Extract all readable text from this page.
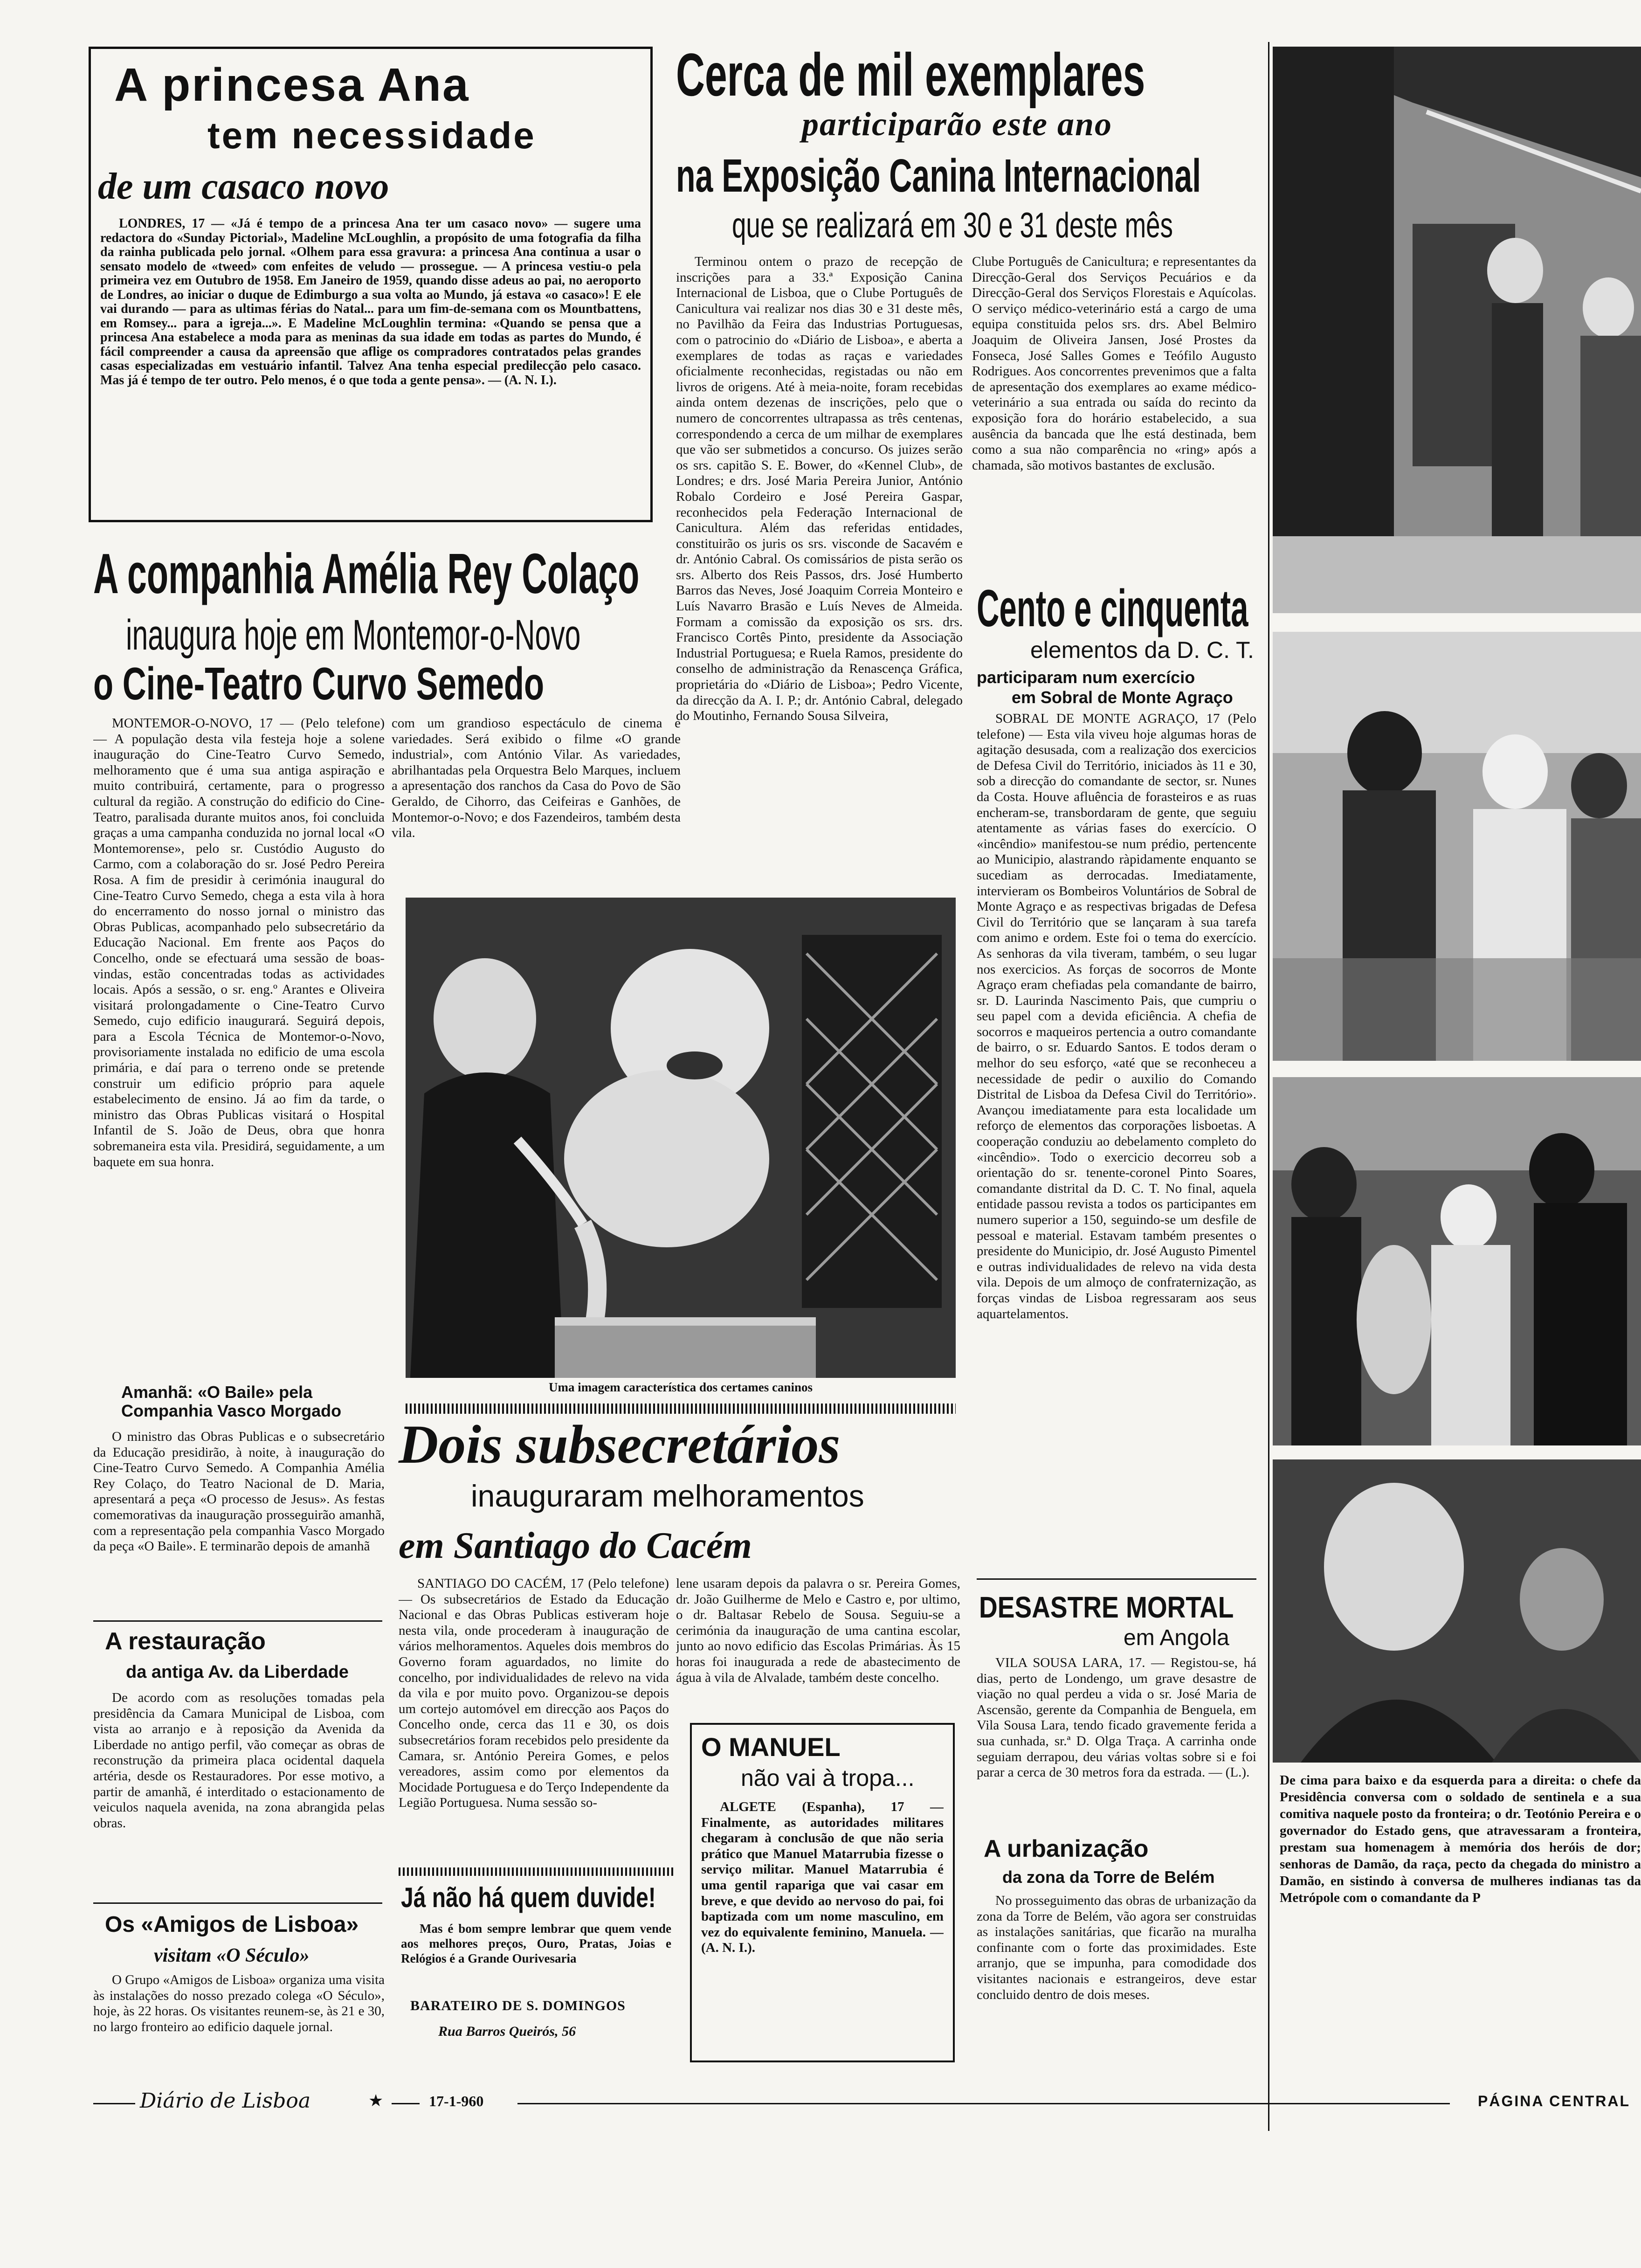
A princesa Ana
tem necessidade
de um casaco novo

LONDRES, 17 — «Já é tempo de a princesa Ana ter um casaco novo» — sugere uma redactora do «Sunday Pictorial», Madeline McLoughlin, a propósito de uma fotografia da filha da rainha publicada pelo jornal. «Olhem para essa gravura: a princesa Ana continua a usar o sensato modelo de «tweed» com enfeites de veludo — prossegue. — A princesa vestiu-o pela primeira vez em Outubro de 1958. Em Janeiro de 1959, quando disse adeus ao pai, no aeroporto de Londres, ao iniciar o duque de Edimburgo a sua volta ao Mundo, já estava «o casaco»! E ele vai durando — para as ultimas férias do Natal... para um fim-de-semana com os Mountbattens, em Romsey... para a igreja...». E Madeline McLoughlin termina: «Quando se pensa que a princesa Ana estabelece a moda para as meninas da sua idade em todas as partes do Mundo, é fácil compreender a causa da apreensão que aflige os compradores contratados pelas grandes casas especializadas em vestuário infantil. Talvez Ana tenha especial predilecção pelo casaco. Mas já é tempo de ter outro. Pelo menos, é o que toda a gente pensa». — (A. N. I.).

A companhia Amélia Rey Colaço
inaugura hoje em Montemor-o-Novo
o Cine-Teatro Curvo Semedo

MONTEMOR-O-NOVO, 17 — (Pelo telefone) — A população desta vila festeja hoje a solene inauguração do Cine-Teatro Curvo Semedo, melhoramento que é uma sua antiga aspiração e muito contribuirá, certamente, para o progresso cultural da região. A construção do edificio do Cine-Teatro, paralisada durante muitos anos, foi concluida graças a uma campanha conduzida no jornal local «O Montemorense», pelo sr. Custódio Augusto do Carmo, com a colaboração do sr. José Pedro Pereira Rosa. A fim de presidir à cerimónia inaugural do Cine-Teatro Curvo Semedo, chega a esta vila à hora do encerramento do nosso jornal o ministro das Obras Publicas, acompanhado pelo subsecretário da Educação Nacional. Em frente aos Paços do Concelho, onde se efectuará uma sessão de boas-vindas, estão concentradas todas as actividades locais. Após a sessão, o sr. eng.º Arantes e Oliveira visitará prolongadamente o Cine-Teatro Curvo Semedo, cujo edificio inaugurará. Seguirá depois, para a Escola Técnica de Montemor-o-Novo, provisoriamente instalada no edificio de uma escola primária, e daí para o terreno onde se pretende construir um edificio próprio para aquele estabelecimento de ensino. Já ao fim da tarde, o ministro das Obras Publicas visitará o Hospital Infantil de S. João de Deus, obra que honra sobremaneira esta vila. Presidirá, seguidamente, a um baquete em sua honra.

com um grandioso espectáculo de cinema e variedades. Será exibido o filme «O grande industrial», com António Vilar. As variedades, abrilhantadas pela Orquestra Belo Marques, incluem a apresentação dos ranchos da Casa do Povo de São Geraldo, de Cihorro, das Ceifeiras e Ganhões, de Montemor-o-Novo; e dos Fazendeiros, também desta vila.

Amanhã: «O Baile» pela
Companhia Vasco Morgado

O ministro das Obras Publicas e o subsecretário da Educação presidirão, à noite, à inauguração do Cine-Teatro Curvo Semedo. A Companhia Amélia Rey Colaço, do Teatro Nacional de D. Maria, apresentará a peça «O processo de Jesus». As festas comemorativas da inauguração prosseguirão amanhã, com a representação pela companhia Vasco Morgado da peça «O Baile». E terminarão depois de amanhã

A restauração
da antiga Av. da Liberdade

De acordo com as resoluções tomadas pela presidência da Camara Municipal de Lisboa, com vista ao arranjo e à reposição da Avenida da Liberdade no antigo perfil, vão começar as obras de reconstrução da primeira placa ocidental daquela artéria, desde os Restauradores. Por esse motivo, a partir de amanhã, é interditado o estacionamento de veiculos naquela avenida, na zona abrangida pelas obras.

Os «Amigos de Lisboa»
visitam «O Século»

O Grupo «Amigos de Lisboa» organiza uma visita às instalações do nosso prezado colega «O Século», hoje, às 22 horas. Os visitantes reunem-se, às 21 e 30, no largo fronteiro ao edificio daquele jornal.

Cerca de mil exemplares
participarão este ano
na Exposição Canina Internacional
que se realizará em 30 e 31 deste mês

Terminou ontem o prazo de recepção de inscrições para a 33.ª Exposição Canina Internacional de Lisboa, que o Clube Português de Canicultura vai realizar nos dias 30 e 31 deste mês, no Pavilhão da Feira das Industrias Portuguesas, com o patrocinio do «Diário de Lisboa», e aberta a exemplares de todas as raças e variedades oficialmente reconhecidas, registadas ou não em livros de origens. Até à meia-noite, foram recebidas ainda ontem dezenas de inscrições, pelo que o numero de concorrentes ultrapassa as três centenas, correspondendo a cerca de um milhar de exemplares que vão ser submetidos a concurso. Os juizes serão os srs. capitão S. E. Bower, do «Kennel Club», de Londres; e drs. José Maria Pereira Junior, António Robalo Cordeiro e José Pereira Gaspar, reconhecidos pela Federação Internacional de Canicultura. Além das referidas entidades, constituirão os juris os srs. visconde de Sacavém e dr. António Cabral. Os comissários de pista serão os srs. Alberto dos Reis Passos, drs. José Humberto Barros das Neves, José Joaquim Correia Monteiro e Luís Navarro Brasão e Luís Neves de Almeida. Formam a comissão da exposição os srs. drs. Francisco Cortês Pinto, presidente da Associação Industrial Portuguesa; e Ruela Ramos, presidente do conselho de administração da Renascença Gráfica, proprietária do «Diário de Lisboa»; Pedro Vicente, da direcção da A. I. P.; dr. António Cabral, delegado do Moutinho, Fernando Sousa Silveira,

Clube Português de Canicultura; e representantes da Direcção-Geral dos Serviços Pecuários e da Direcção-Geral dos Serviços Florestais e Aquícolas. O serviço médico-veterinário está a cargo de uma equipa constituida pelos srs. drs. Abel Belmiro Joaquim de Oliveira Jansen, José Prostes da Fonseca, José Salles Gomes e Teófilo Augusto Rodrigues. Aos concorrentes prevenimos que a falta de apresentação dos exemplares ao exame médico-veterinário a sua entrada ou saída do recinto da exposição fora do horário estabelecido, a sua ausência da bancada que lhe está destinada, bem como a sua não comparência no «ring» após a chamada, são motivos bastantes de exclusão.

Uma imagem característica dos certames caninos
Dois subsecretários
inauguraram melhoramentos
em Santiago do Cacém

SANTIAGO DO CACÉM, 17 (Pelo telefone) — Os subsecretários de Estado da Educação Nacional e das Obras Publicas estiveram hoje nesta vila, onde procederam à inauguração de vários melhoramentos. Aqueles dois membros do Governo foram aguardados, no limite do concelho, por individualidades de relevo na vida da vila e por muito povo. Organizou-se depois um cortejo automóvel em direcção aos Paços do Concelho onde, cerca das 11 e 30, os dois subsecretários foram recebidos pelo presidente da Camara, sr. António Pereira Gomes, e pelos vereadores, assim como por elementos da Mocidade Portuguesa e do Terço Independente da Legião Portuguesa. Numa sessão so-

lene usaram depois da palavra o sr. Pereira Gomes, dr. João Guilherme de Melo e Castro e, por ultimo, o dr. Baltasar Rebelo de Sousa. Seguiu-se a cerimónia da inauguração de uma cantina escolar, junto ao novo edificio das Escolas Primárias. Às 15 horas foi inaugurada a rede de abastecimento de água à vila de Alvalade, também deste concelho.

O MANUEL
não vai à tropa...

ALGETE (Espanha), 17 — Finalmente, as autoridades militares chegaram à conclusão de que não seria prático que Manuel Matarrubia fizesse o serviço militar. Manuel Matarrubia é uma gentil rapariga que vai casar em breve, e que devido ao nervoso do pai, foi baptizada com um nome masculino, em vez do equivalente feminino, Manuela. — (A. N. I.).

Já não há quem duvide!

Mas é bom sempre lembrar que quem vende aos melhores preços, Ouro, Pratas, Joias e Relógios é a Grande Ourivesaria

BARATEIRO DE S. DOMINGOS
Rua Barros Queirós, 56
Cento e cinquenta
elementos da D. C. T.
participaram num exercício
em Sobral de Monte Agraço

SOBRAL DE MONTE AGRAÇO, 17 (Pelo telefone) — Esta vila viveu hoje algumas horas de agitação desusada, com a realização dos exercicios de Defesa Civil do Território, iniciados às 11 e 30, sob a direcção do comandante de sector, sr. Nunes da Costa. Houve afluência de forasteiros e as ruas encheram-se, transbordaram de gente, que seguiu atentamente as várias fases do exercício. O «incêndio» manifestou-se num prédio, pertencente ao Municipio, alastrando ràpidamente enquanto se sucediam as derrocadas. Imediatamente, intervieram os Bombeiros Voluntários de Sobral de Monte Agraço e as respectivas brigadas de Defesa Civil do Território que se lançaram à sua tarefa com animo e ordem. Este foi o tema do exercício. As senhoras da vila tiveram, também, o seu lugar nos exercicios. As forças de socorros de Monte Agraço eram chefiadas pela comandante de bairro, sr. D. Laurinda Nascimento Pais, que cumpriu o seu papel com a devida eficiência. A chefia de socorros e maqueiros pertencia a outro comandante de bairro, o sr. Eduardo Santos. E todos deram o melhor do seu esforço, «até que se reconheceu a necessidade de pedir o auxilio do Comando Distrital de Lisboa da Defesa Civil do Território». Avançou imediatamente para esta localidade um reforço de elementos das corporações lisboetas. A cooperação conduziu ao debelamento completo do «incêndio». Todo o exercicio decorreu sob a orientação do sr. tenente-coronel Pinto Soares, comandante distrital da D. C. T. No final, aquela entidade passou revista a todos os participantes em numero superior a 150, seguindo-se um desfile de pessoal e material. Estavam também presentes o presidente do Municipio, dr. José Augusto Pimentel e outras individualidades de relevo na vida desta vila. Depois de um almoço de confraternização, as forças vindas de Lisboa regressaram aos seus aquartelamentos.

DESASTRE MORTAL
em Angola

VILA SOUSA LARA, 17. — Registou-se, há dias, perto de Londengo, um grave desastre de viação no qual perdeu a vida o sr. José Maria de Ascensão, gerente da Companhia de Benguela, em Vila Sousa Lara, tendo ficado gravemente ferida a sua cunhada, sr.ª D. Olga Traça. A carrinha onde seguiam derrapou, deu várias voltas sobre si e foi parar a cerca de 30 metros fora da estrada. — (L.).

A urbanização
da zona da Torre de Belém

No prosseguimento das obras de urbanização da zona da Torre de Belém, vão agora ser construidas as instalações sanitárias, que ficarão na muralha confinante com o forte das proximidades. Este arranjo, que se impunha, para comodidade dos visitantes nacionais e estrangeiros, deve estar concluido dentro de dois meses.

De cima para baixo e da esquerda para a direita: o chefe da Presidência conversa com o soldado de sentinela e a sua comitiva naquele posto da fronteira; o dr. Teotónio Pereira e o governador do Estado gens, que atravessaram a fronteira, prestam sua homenagem à memória dos heróis de dor; senhoras de Damão, da raça, pecto da chegada do ministro a Damão, en sistindo à conversa de mulheres indianas tas da Metrópole com o comandante da P

Diário de Lisboa	★	17-1-960	PÁGINA CENTRAL
